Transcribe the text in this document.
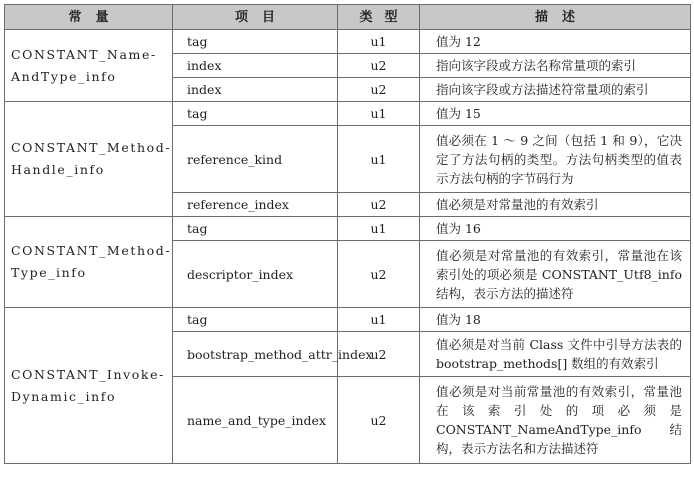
常量	项目	类型	描述
CONSTANT_Name-AndType_info	tag	u1	值为 12
	index	u2	指向该字段或方法名称常量项的索引
	index	u2	指向该字段或方法描述符常量项的索引
CONSTANT_Method-Handle_info	tag	u1	值为 15
	reference_kind	u1	值必须在 1 ～ 9 之间（包括 1 和 9），它决定了方法句柄的类型。方法句柄类型的值表示方法句柄的字节码行为
	reference_index	u2	值必须是对常量池的有效索引
CONSTANT_Method-Type_info	tag	u1	值为 16
	descriptor_index	u2	值必须是对常量池的有效索引，常量池在该索引处的项必须是 CONSTANT_Utf8_info 结构，表示方法的描述符
CONSTANT_Invoke-Dynamic_info	tag	u1	值为 18
	bootstrap_method_attr_index	u2	值必须是对当前 Class 文件中引导方法表的 bootstrap_methods[] 数组的有效索引
	name_and_type_index	u2	值必须是对当前常量池的有效索引，常量池在该索引处的项必须是 CONSTANT_NameAndType_info 结构，表示方法名和方法描述符
